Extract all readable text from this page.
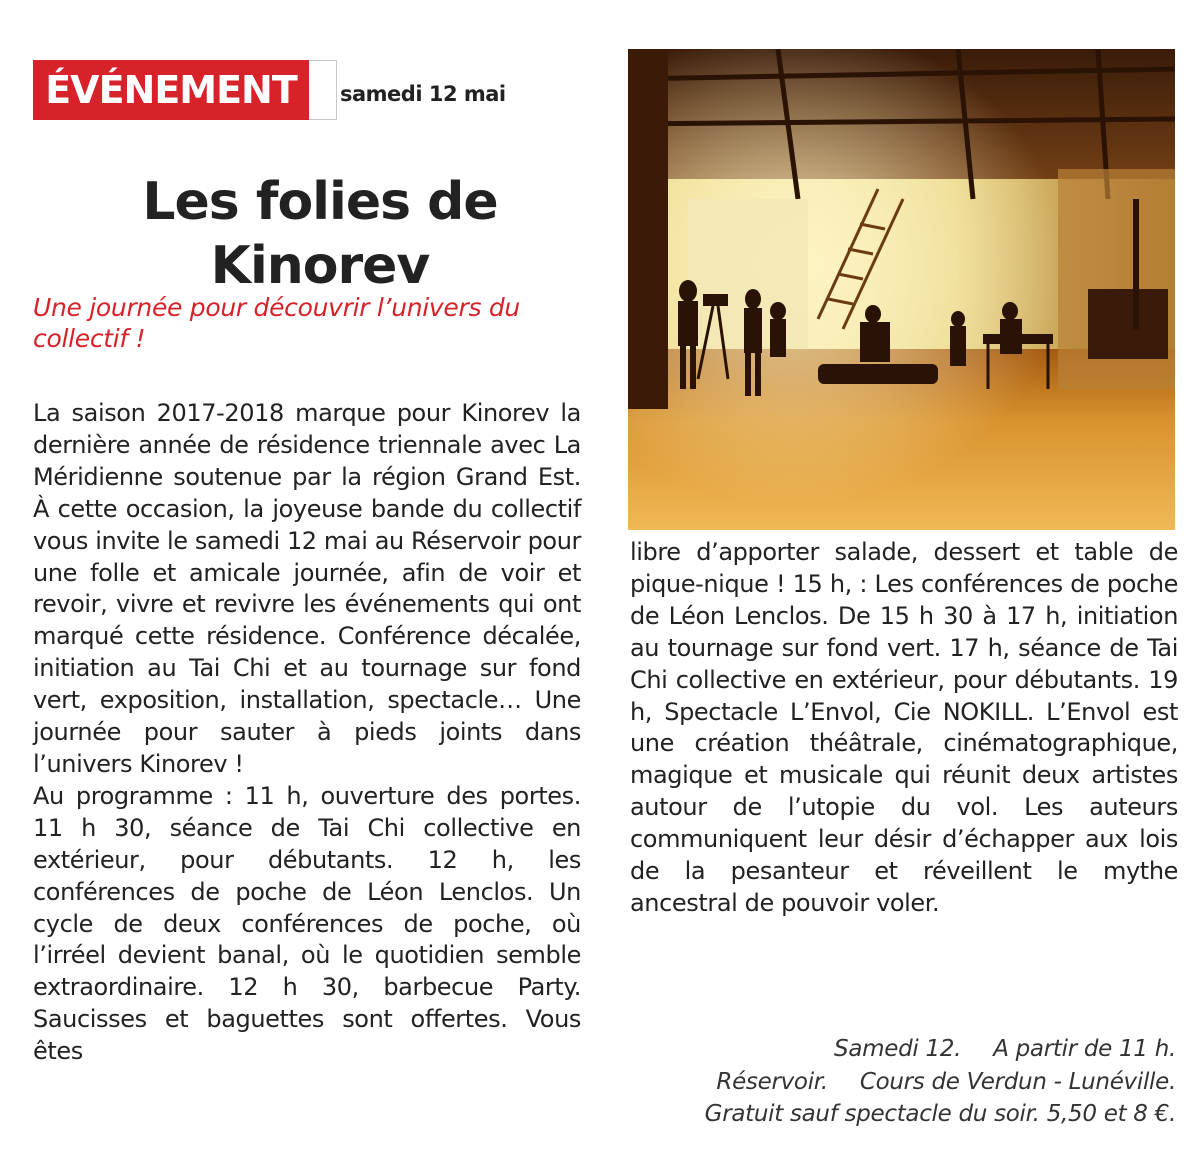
ÉVÉNEMENT	samedi 12 mai
Les folies de Kinorev
Une journée pour découvrir l’univers du collectif !

La saison 2017-2018 marque pour Kinorev la dernière année de résidence triennale avec La Méridienne soutenue par la région Grand Est. À cette occasion, la joyeuse bande du collectif vous invite le samedi 12 mai au Réservoir pour une folle et amicale journée, afin de voir et revoir, vivre et revivre les événements qui ont marqué cette résidence. Conférence décalée, initiation au Tai Chi et au tournage sur fond vert, exposition, installation, spectacle… Une journée pour sauter à pieds joints dans l’univers Kinorev !

Au programme : 11 h, ouverture des portes. 11 h 30, séance de Tai Chi collective en extérieur, pour débutants. 12 h, les conférences de poche de Léon Lenclos. Un cycle de deux conférences de poche, où l’irréel devient banal, où le quotidien semble extraordinaire. 12 h 30, barbecue Party. Saucisses et baguettes sont offertes. Vous êtes

libre d’apporter salade, dessert et table de pique-nique ! 15 h, : Les conférences de poche de Léon Lenclos. De 15 h 30 à 17 h, initiation au tournage sur fond vert. 17 h, séance de Tai Chi collective en extérieur, pour débutants. 19 h, Spectacle L’Envol, Cie NOKILL. L’Envol est une création théâtrale, cinématographique, magique et musicale qui réunit deux artistes autour de l’utopie du vol. Les auteurs communiquent leur désir d’échapper aux lois de la pesanteur et réveillent le mythe ancestral de pouvoir voler.

Samedi 12. A partir de 11 h.
Réservoir. Cours de Verdun - Lunéville.
Gratuit sauf spectacle du soir. 5,50 et 8 €.
